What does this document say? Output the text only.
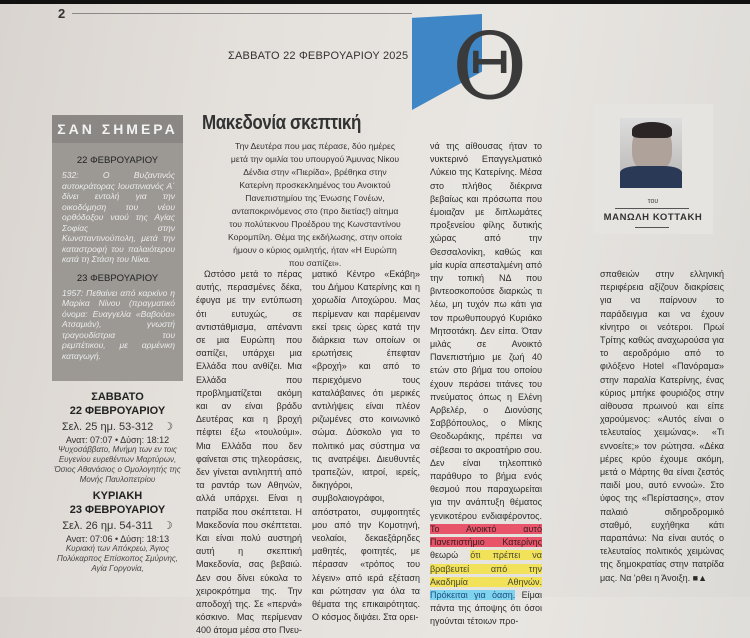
2
ΣΑΒΒΑΤΟ 22 ΦΕΒΡΟΥΑΡΙΟΥ 2025 Θ
ΣΑΝ ΣΗΜΕΡΑ
22 ΦΕΒΡΟΥΑΡΙΟΥ
532: Ο Βυζαντινός αυτοκράτορας Ιουστινιανός Α΄ δίνει εντολή για την οικοδόμηση του νέου ορθόδοξου ναού της Αγίας Σοφίας στην Κωνσταντινούπολη, μετά την καταστροφή του παλαιότερου κατά τη Στάση του Νίκα.
23 ΦΕΒΡΟΥΑΡΙΟΥ
1957: Πεθαίνει από καρκίνο η Μαρίκα Νίνου (πραγματικό όνομα: Ευαγγελία «Βαβούα» Ατσαμιάν), γνωστή τραγουδίστρια του ρεμπέτικου, με αρμένικη καταγωγή.
ΣΑΒΒΑΤΟ
22 ΦΕΒΡΟΥΑΡΙΟΥ
Σελ. 25 ημ. 53-312 ☽
Ανατ: 07:07 • Δύση: 18:12
Ψυχοσάββατο, Μνήμη των εν τοις Ευγενίου ευρεθέντων Μαρτύρων, Όσιος Αθανάσιος ο Ομολογητής της Μονής Παυλοπετρίου
ΚΥΡΙΑΚΗ
23 ΦΕΒΡΟΥΑΡΙΟΥ
Σελ. 26 ημ. 54-311 ☽
Ανατ: 07:06 • Δύση: 18:13
Κυριακή των Απόκρεω, Άγιος Πολύκαρπος Επίσκοπος Σμύρνης, Αγία Γοργονία,
Μακεδονία σκεπτική
Την Δευτέρα που μας πέρασε, δύο ημέρες μετά την ομιλία του υπουργού Άμυνας Νίκου Δένδια στην «Πιερίδα», βρέθηκα στην Κατερίνη προσκεκλημένος του Ανοικτού Πανεπιστημίου της Ένωσης Γονέων, ανταποκρινόμενος στο (προ διετίας!) αίτημα του πολύτεκνου Προέδρου της Κωνσταντίνου Κορομπίλη. Θέμα της εκδήλωσης, στην οποία ήμουν ο κύριος ομιλητής, ήταν «Η Ευρώπη που σαπίζει».
Ωστόσο μετά το πέρας αυτής, περασμένες δέκα, έφυγα με την εντύπωση ότι ευτυχώς, σε αντιστάθμισμα, απέναντι σε μια Ευρώπη που σαπίζει, υπάρχει μια Ελλάδα που ανθίζει. Μια Ελλάδα που προβληματίζεται ακόμη και αν είναι βράδυ Δευτέρας και η βροχή πέφτει έξω «τουλούμι». Μια Ελλάδα που δεν φαίνεται στις τηλεοράσεις, δεν γίνεται αντιληπτή από τα ραντάρ των Αθηνών, αλλά υπάρχει. Είναι η πατρίδα που σκέπτεται. Η Μακεδονία που σκέπτεται. Και είναι πολύ αυστηρή αυτή η σκεπτική Μακεδονία, σας βεβαιώ. Δεν σου δίνει εύκολα το χειροκρότημα της. Την αποδοχή της. Σε «περνά» κόσκινο. Μας περίμεναν 400 άτομα μέσα στο Πνευ-
ματικό Κέντρο «Εκάβη» του Δήμου Κατερίνης και η χορωδία Λιτοχώρου. Μας περίμεναν και παρέμειναν εκεί τρεις ώρες κατά την διάρκεια των οποίων οι ερωτήσεις έπεφταν «βροχή» και από το περιεχόμενο τους καταλάβαινες ότι μερικές αντιλήψεις είναι πλέον ριζωμένες στο κοινωνικό σώμα. Δύσκολο για το πολιτικό μας σύστημα να τις ανατρέψει. Διευθυντές τραπεζών, ιατροί, ιερείς, δικηγόροι, συμβολαιογράφοι, απόστρατοι, συμφοιτητές μου από την Κομοτηνή, νεολαίοι, δεκαεξάρηδες μαθητές, φοιτητές, με πέρασαν «τρόπος του λέγειν» από ιερά εξέταση και ρώτησαν για όλα τα θέματα της επικαιρότητας. Ο κόσμος διψάει. Στα ορει-
νά της αίθουσας ήταν το νυκτερινό Επαγγελματικό Λύκειο της Κατερίνης. Μέσα στο πλήθος διέκρινα βεβαίως και πρόσωπα που έμοιαζαν με διπλωμάτες προξενείου φίλης δυτικής χώρας από την Θεσσαλονίκη, καθώς και μία κυρία απεσταλμένη από την τοπική ΝΔ που βιντεοσκοπούσε διαρκώς τι λέω, μη τυχόν πω κάτι για τον πρωθυπουργό Κυριάκο Μητσοτάκη. Δεν είπα. Όταν μιλάς σε Ανοικτό Πανεπιστήμιο με ζωή 40 ετών στο βήμα του οποίου έχουν περάσει τιτάνες του πνεύματος όπως η Ελένη Αρβελέρ, ο Διονύσης Σαββόπουλος, ο Μίκης Θεοδωράκης, πρέπει να σέβεσαι το ακροατήριο σου. Δεν είναι τηλεοπτικό παράθυρο το βήμα ενός θεσμού που παραχωρείται για την ανάπτυξη θέματος γενικοτέρου ενδιαφέροντος. Το Ανοικτό αυτό Πανεπιστήμιο Κατερίνης θεωρώ ότι πρέπει να βραβευτεί από την Ακαδημία Αθηνών. Πρόκειται για όαση. Είμαι πάντα της άποψης ότι όσοι ηγούνται τέτοιων προ-
του
ΜΑΝΩΛΗ ΚΟΤΤΑΚΗ
σπαθειών στην ελληνική περιφέρεια αξίζουν διακρίσεις για να παίρνουν το παράδειγμα και να έχουν κίνητρο οι νεότεροι. Πρωί Τρίτης καθώς αναχωρούσα για το αεροδρόμιο από το φιλόξενο Hotel «Πανόραμα» στην παραλία Κατερίνης, ένας κύριος μπήκε φουριόζος στην αίθουσα πρωινού και είπε χαρούμενος: «Αυτός είναι ο τελευταίος χειμώνας». «Τι εννοείτε;» τον ρώτησα. «Δέκα μέρες κρύο έχουμε ακόμη, μετά ο Μάρτης θα είναι ζεστός παιδί μου, αυτό εννοώ». Στο ύφος της «Περίστασης», στον παλαιό σιδηροδρομικό σταθμό, ευχήθηκα κάτι παραπάνω: Να είναι αυτός ο τελευταίος πολιτικός χειμώνας της δημοκρατίας στην πατρίδα μας. Να 'ρθει η Άνοιξη. ■▲
